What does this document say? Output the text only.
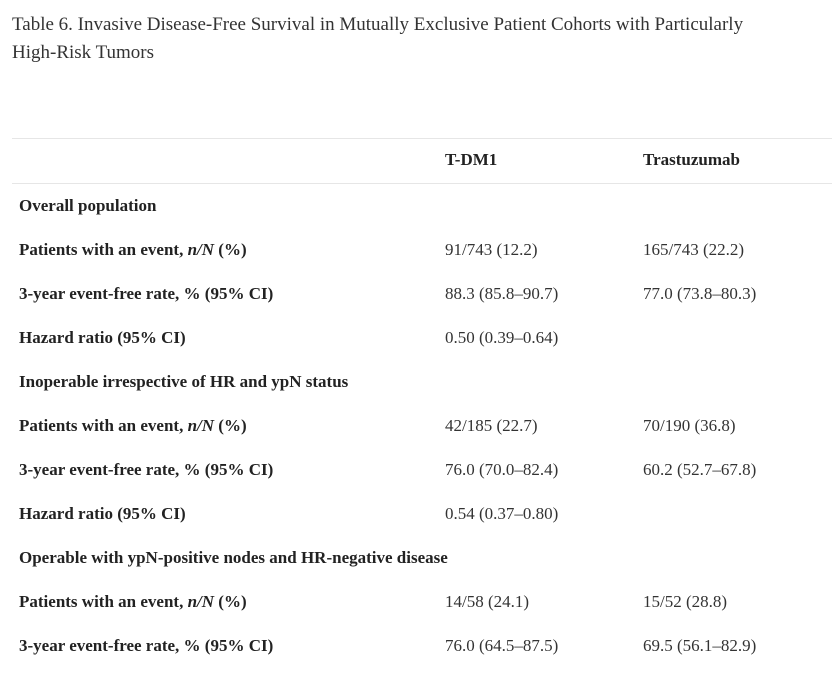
Table 6. Invasive Disease-Free Survival in Mutually Exclusive Patient Cohorts with Particularly High-Risk Tumors
T-DM1	Trastuzumab
Overall population
Patients with an event, n/N (%)	91/743 (12.2)	165/743 (22.2)
3-year event-free rate, % (95% CI)	88.3 (85.8–90.7)	77.0 (73.8–80.3)
Hazard ratio (95% CI)	0.50 (0.39–0.64)
Inoperable irrespective of HR and ypN status
Patients with an event, n/N (%)	42/185 (22.7)	70/190 (36.8)
3-year event-free rate, % (95% CI)	76.0 (70.0–82.4)	60.2 (52.7–67.8)
Hazard ratio (95% CI)	0.54 (0.37–0.80)
Operable with ypN-positive nodes and HR-negative disease
Patients with an event, n/N (%)	14/58 (24.1)	15/52 (28.8)
3-year event-free rate, % (95% CI)	76.0 (64.5–87.5)	69.5 (56.1–82.9)
